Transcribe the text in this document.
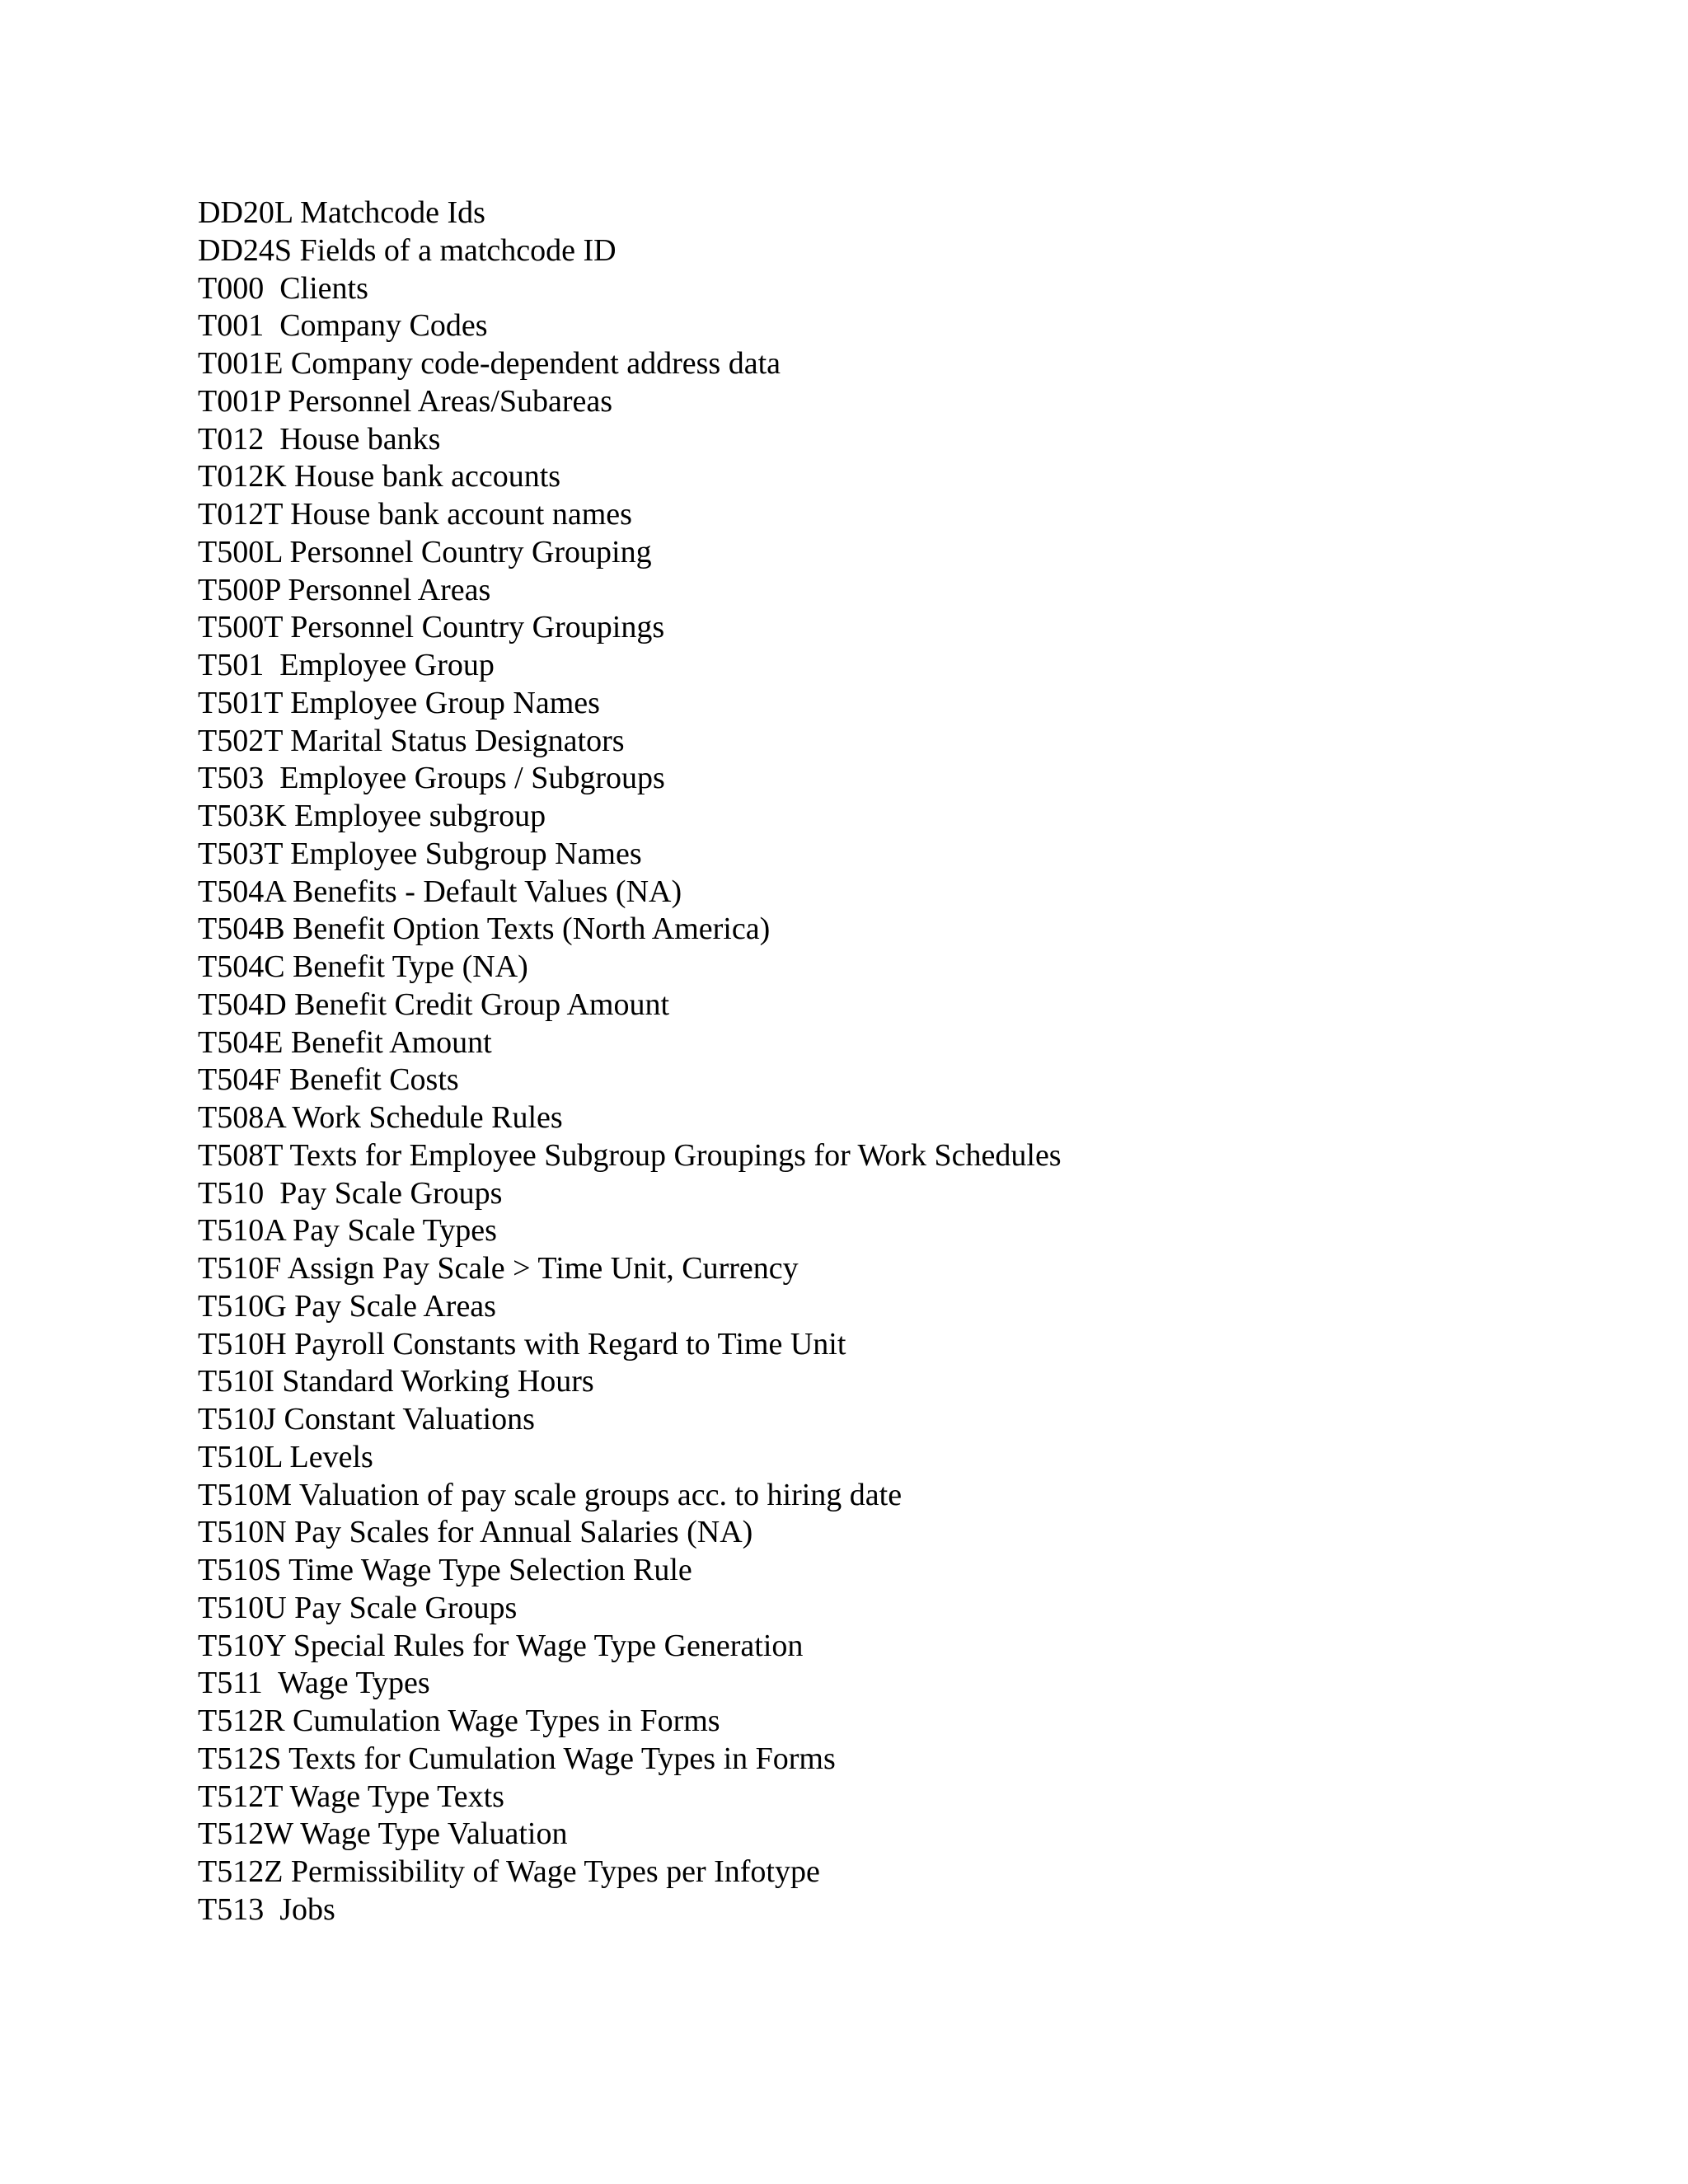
DD20L Matchcode Ids
DD24S Fields of a matchcode ID
T000  Clients
T001  Company Codes
T001E Company code-dependent address data
T001P Personnel Areas/Subareas
T012  House banks
T012K House bank accounts
T012T House bank account names
T500L Personnel Country Grouping
T500P Personnel Areas
T500T Personnel Country Groupings
T501  Employee Group
T501T Employee Group Names
T502T Marital Status Designators
T503  Employee Groups / Subgroups
T503K Employee subgroup
T503T Employee Subgroup Names
T504A Benefits - Default Values (NA)
T504B Benefit Option Texts (North America)
T504C Benefit Type (NA)
T504D Benefit Credit Group Amount
T504E Benefit Amount
T504F Benefit Costs
T508A Work Schedule Rules
T508T Texts for Employee Subgroup Groupings for Work Schedules
T510  Pay Scale Groups
T510A Pay Scale Types
T510F Assign Pay Scale > Time Unit, Currency
T510G Pay Scale Areas
T510H Payroll Constants with Regard to Time Unit
T510I Standard Working Hours
T510J Constant Valuations
T510L Levels
T510M Valuation of pay scale groups acc. to hiring date
T510N Pay Scales for Annual Salaries (NA)
T510S Time Wage Type Selection Rule
T510U Pay Scale Groups
T510Y Special Rules for Wage Type Generation
T511  Wage Types
T512R Cumulation Wage Types in Forms
T512S Texts for Cumulation Wage Types in Forms
T512T Wage Type Texts
T512W Wage Type Valuation
T512Z Permissibility of Wage Types per Infotype
T513  Jobs
